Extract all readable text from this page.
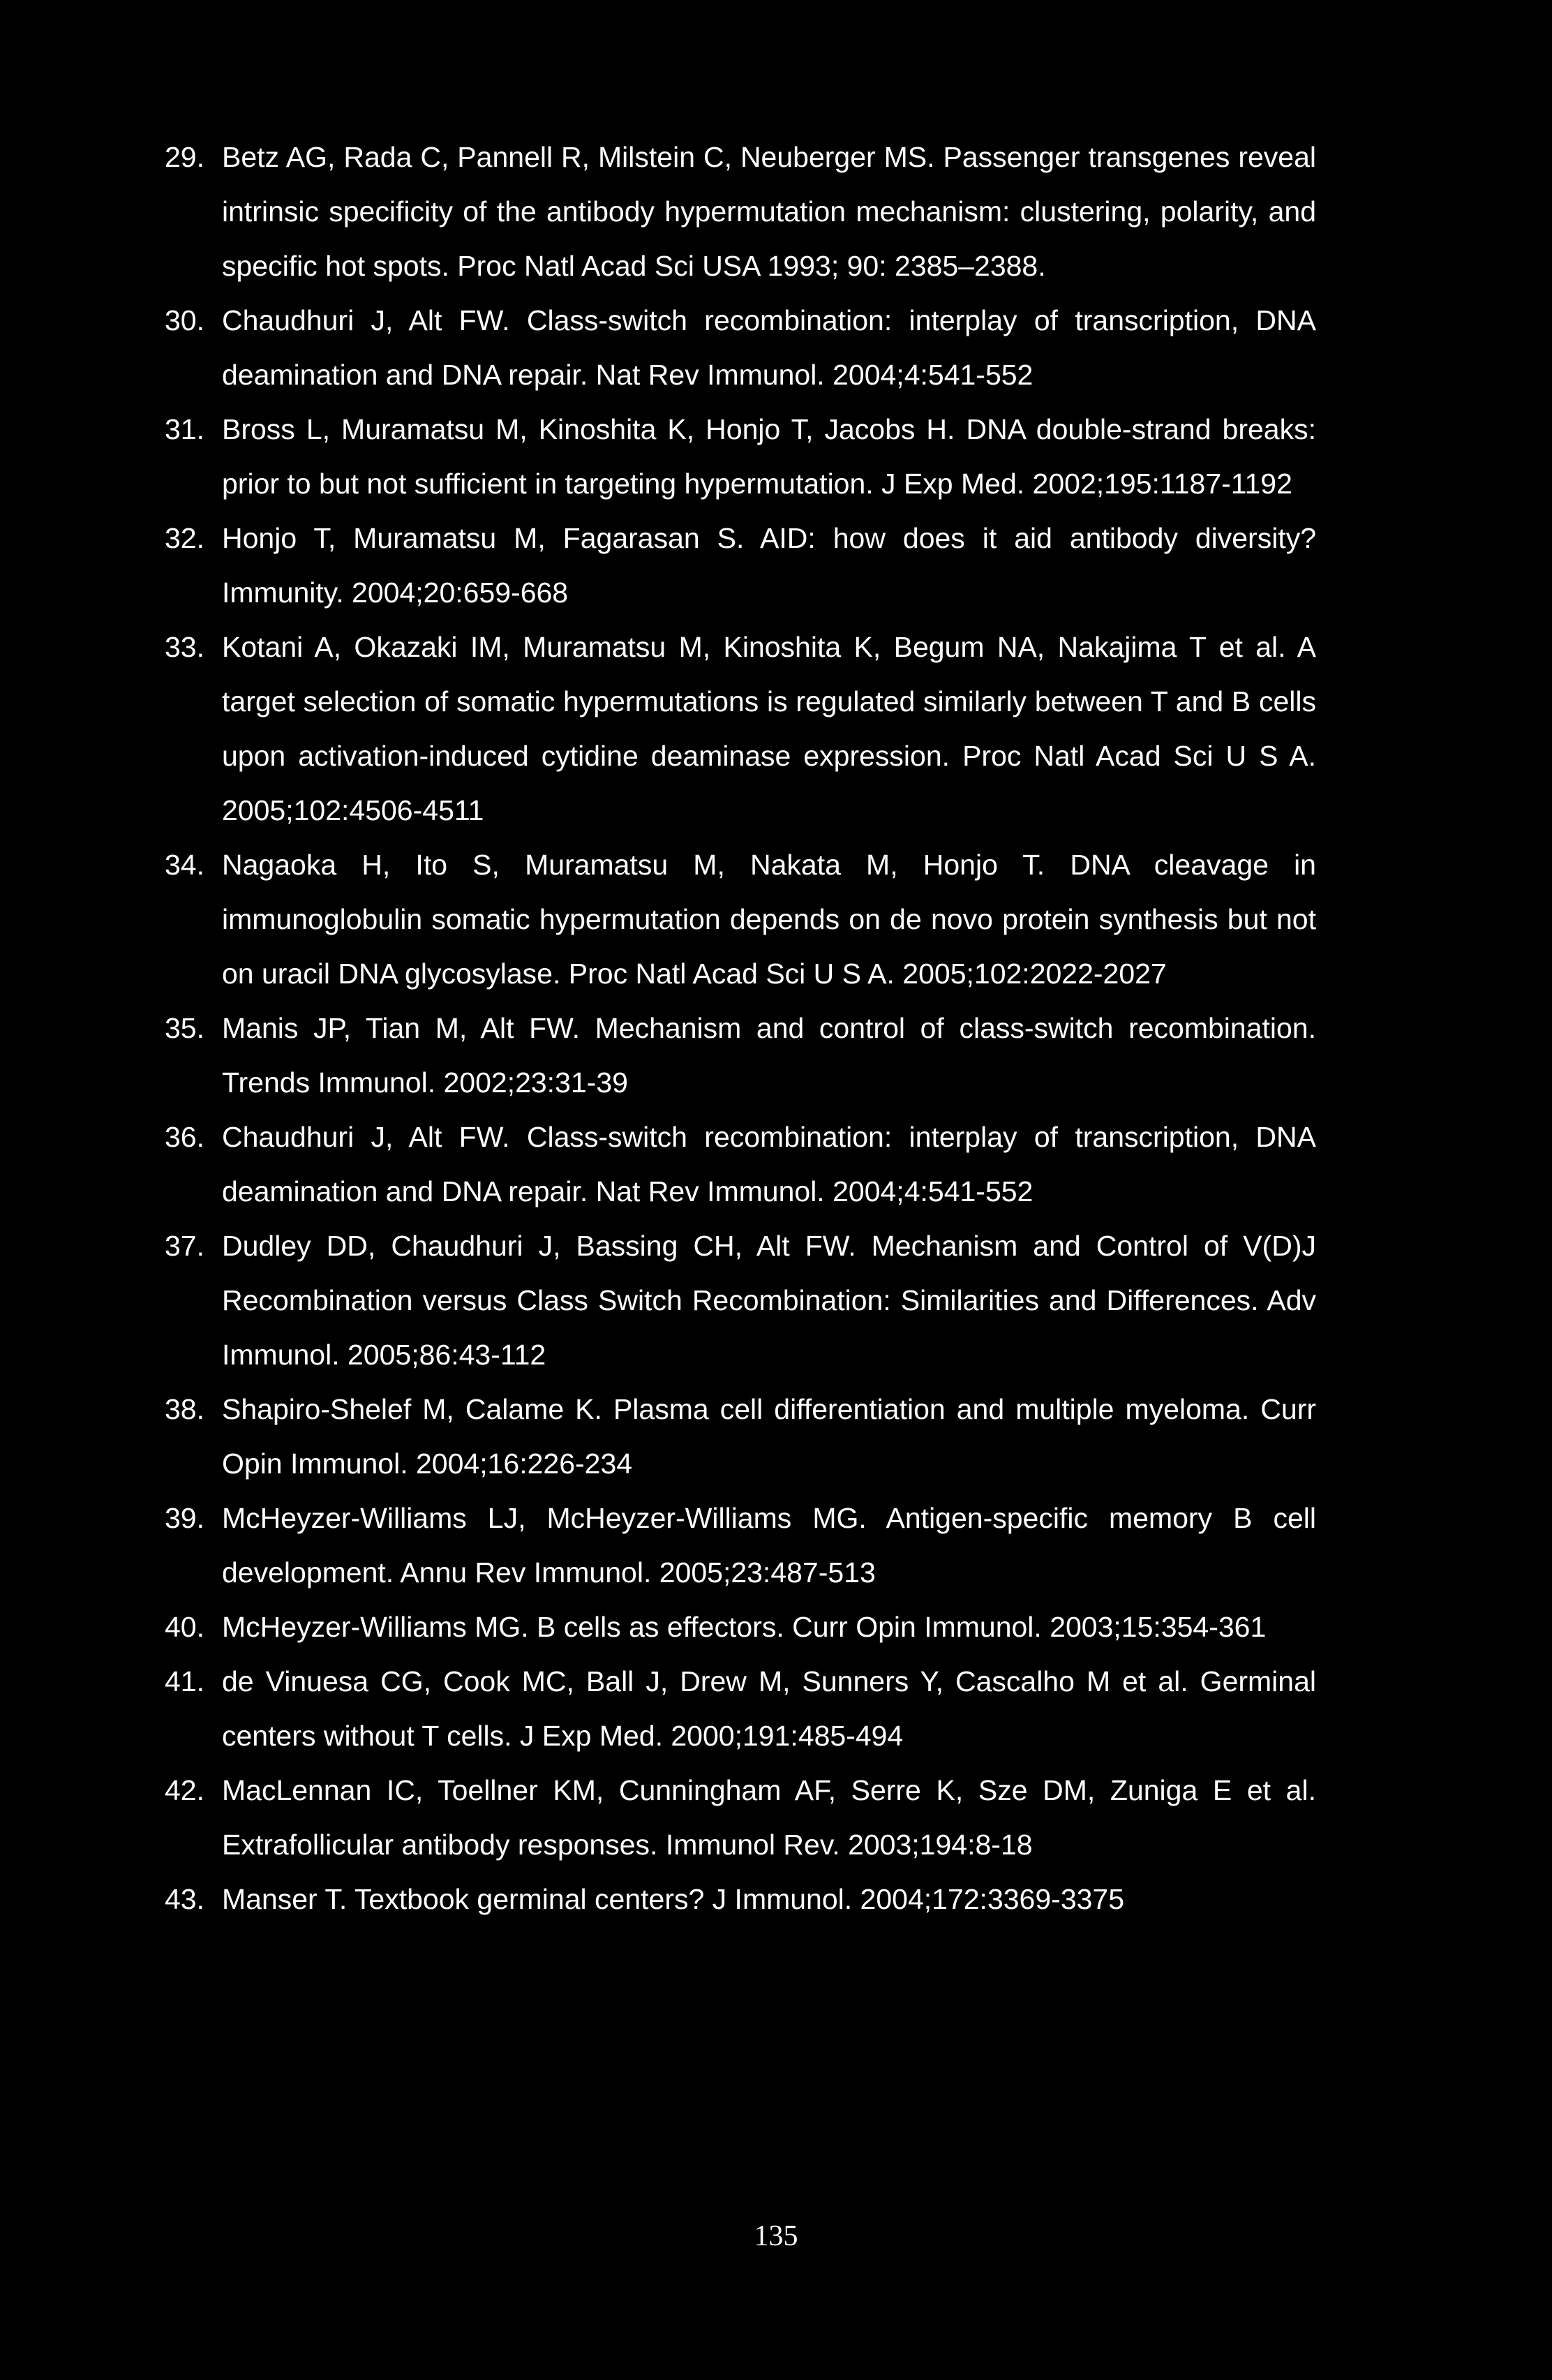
29. Betz AG, Rada C, Pannell R, Milstein C, Neuberger MS. Passenger transgenes reveal intrinsic specificity of the antibody hypermutation mechanism: clustering, polarity, and specific hot spots. Proc Natl Acad Sci USA 1993; 90: 2385–2388.
30. Chaudhuri J, Alt FW. Class-switch recombination: interplay of transcription, DNA deamination and DNA repair. Nat Rev Immunol. 2004;4:541-552
31. Bross L, Muramatsu M, Kinoshita K, Honjo T, Jacobs H. DNA double-strand breaks: prior to but not sufficient in targeting hypermutation. J Exp Med. 2002;195:1187-1192
32. Honjo T, Muramatsu M, Fagarasan S. AID: how does it aid antibody diversity? Immunity. 2004;20:659-668
33. Kotani A, Okazaki IM, Muramatsu M, Kinoshita K, Begum NA, Nakajima T et al. A target selection of somatic hypermutations is regulated similarly between T and B cells upon activation-induced cytidine deaminase expression. Proc Natl Acad Sci U S A. 2005;102:4506-4511
34. Nagaoka H, Ito S, Muramatsu M, Nakata M, Honjo T. DNA cleavage in immunoglobulin somatic hypermutation depends on de novo protein synthesis but not on uracil DNA glycosylase. Proc Natl Acad Sci U S A. 2005;102:2022-2027
35. Manis JP, Tian M, Alt FW. Mechanism and control of class-switch recombination. Trends Immunol. 2002;23:31-39
36. Chaudhuri J, Alt FW. Class-switch recombination: interplay of transcription, DNA deamination and DNA repair. Nat Rev Immunol. 2004;4:541-552
37. Dudley DD, Chaudhuri J, Bassing CH, Alt FW. Mechanism and Control of V(D)J Recombination versus Class Switch Recombination: Similarities and Differences. Adv Immunol. 2005;86:43-112
38. Shapiro-Shelef M, Calame K. Plasma cell differentiation and multiple myeloma. Curr Opin Immunol. 2004;16:226-234
39. McHeyzer-Williams LJ, McHeyzer-Williams MG. Antigen-specific memory B cell development. Annu Rev Immunol. 2005;23:487-513
40. McHeyzer-Williams MG. B cells as effectors. Curr Opin Immunol. 2003;15:354-361
41. de Vinuesa CG, Cook MC, Ball J, Drew M, Sunners Y, Cascalho M et al. Germinal centers without T cells. J Exp Med. 2000;191:485-494
42. MacLennan IC, Toellner KM, Cunningham AF, Serre K, Sze DM, Zuniga E et al. Extrafollicular antibody responses. Immunol Rev. 2003;194:8-18
43. Manser T. Textbook germinal centers? J Immunol. 2004;172:3369-3375
135
